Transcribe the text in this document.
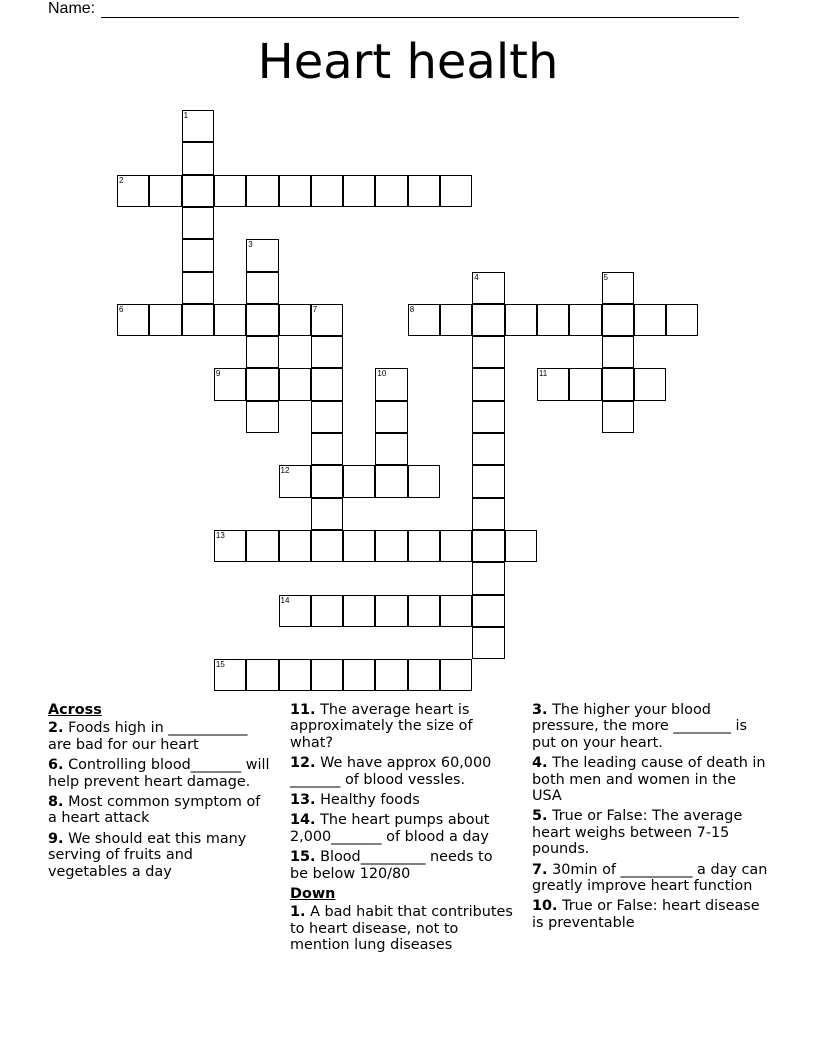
Name:
Heart health
1
2
3
4	5
6	7	8
9	10	11
12
13
14
15
Across
2. Foods high in ___________ are bad for our heart
6. Controlling blood_______ will help prevent heart damage.
8. Most common symptom of a heart attack
9. We should eat this many serving of fruits and vegetables a day
11. The average heart is approximately the size of what?
12. We have approx 60,000 _______ of blood vessles.
13. Healthy foods
14. The heart pumps about 2,000_______ of blood a day
15. Blood_________ needs to be below 120/80
Down
1. A bad habit that contributes to heart disease, not to mention lung diseases
3. The higher your blood pressure, the more ________ is put on your heart.
4. The leading cause of death in both men and women in the USA
5. True or False: The average heart weighs between 7-15 pounds.
7. 30min of __________ a day can greatly improve heart function
10. True or False: heart disease is preventable
